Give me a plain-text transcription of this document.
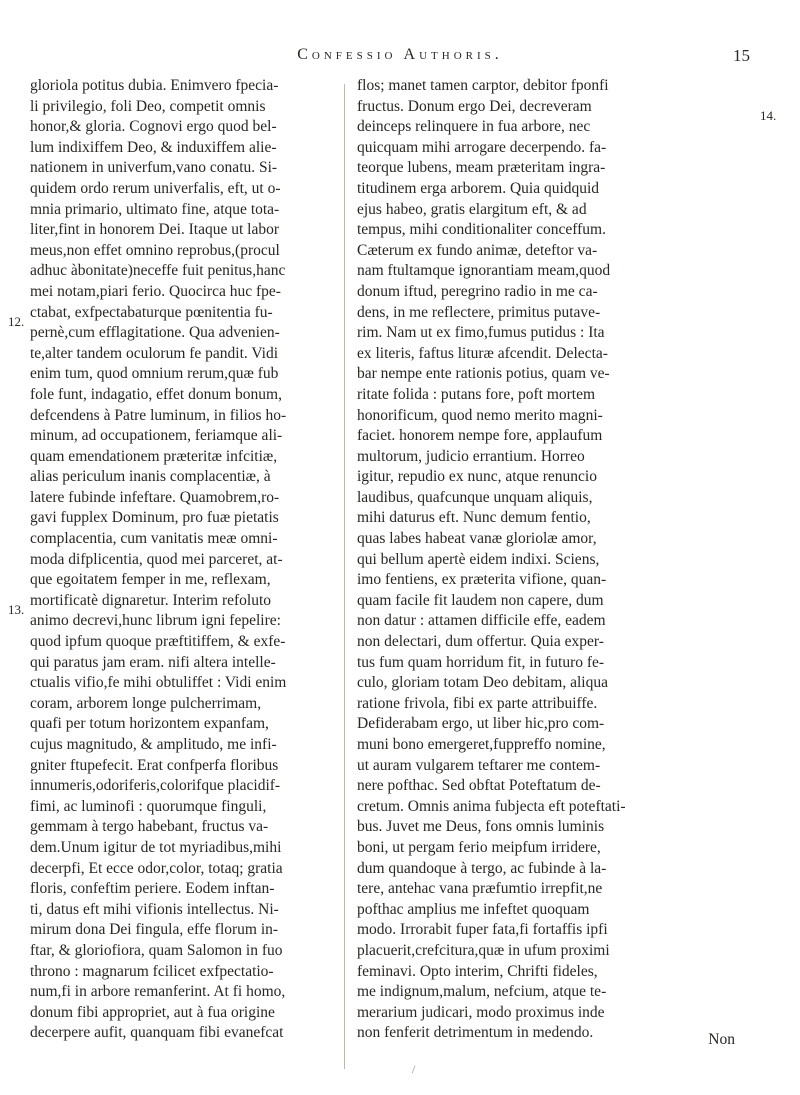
Confessio Authoris.	15
gloriola potitus dubia. Enimvero fpecia-
li privilegio, foli Deo, competit omnis
honor,& gloria. Cognovi ergo quod bel-
lum indixiffem Deo, & induxiffem alie-
nationem in univerfum,vano conatu. Si-
quidem ordo rerum univerfalis, eft, ut o-
mnia primario, ultimato fine, atque tota-
liter,fint in honorem Dei. Itaque ut labor
meus,non effet omnino reprobus,(procul
adhuc àbonitate)neceffe fuit penitus,hanc
mei notam,piari ferio. Quocirca huc fpe-
ctabat, exfpectabaturque pœnitentia fu-
pernè,cum efflagitatione. Qua advenien-
te,alter tandem oculorum fe pandit. Vidi
enim tum, quod omnium rerum,quæ fub
fole funt, indagatio, effet donum bonum,
defcendens à Patre luminum, in filios ho-
minum, ad occupationem, feriamque ali-
quam emendationem præteritæ infcitiæ,
alias periculum inanis complacentiæ, à
latere fubinde infeftare. Quamobrem,ro-
gavi fupplex Dominum, pro fuæ pietatis
complacentia, cum vanitatis meæ omni-
moda difplicentia, quod mei parceret, at-
que egoitatem femper in me, reflexam,
mortificatè dignaretur. Interim refoluto
animo decrevi,hunc librum igni fepelire:
quod ipfum quoque præftitiffem, & exfe-
qui paratus jam eram. nifi altera intelle-
ctualis vifio,fe mihi obtuliffet : Vidi enim
coram, arborem longe pulcherrimam,
quafi per totum horizontem expanfam,
cujus magnitudo, & amplitudo, me infi-
gniter ftupefecit. Erat confperfa floribus
innumeris,odoriferis,colorifque placidif-
fimi, ac luminofi : quorumque finguli,
gemmam à tergo habebant, fructus va-
dem.Unum igitur de tot myriadibus,mihi
decerpfi, Et ecce odor,color, totaq; gratia
floris, confeftim periere. Eodem inftan-
ti, datus eft mihi vifionis intellectus. Ni-
mirum dona Dei fingula, effe florum in-
ftar, & gloriofiora, quam Salomon in fuo
throno : magnarum fcilicet exfpectatio-
num,fi in arbore remanferint. At fi homo,
donum fibi appropriet, aut à fua origine
decerpere aufit, quanquam fibi evanefcat
flos; manet tamen carptor, debitor fponfi
fructus. Donum ergo Dei, decreveram
deinceps relinquere in fua arbore, nec
quicquam mihi arrogare decerpendo. fa-
teorque lubens, meam præteritam ingra-
titudinem erga arborem. Quia quidquid
ejus habeo, gratis elargitum eft, & ad
tempus, mihi conditionaliter conceffum.
Cæterum ex fundo animæ, deteftor va-
nam ftultamque ignorantiam meam,quod
donum iftud, peregrino radio in me ca-
dens, in me reflectere, primitus putave-
rim. Nam ut ex fimo,fumus putidus : Ita
ex literis, faftus lituræ afcendit. Delecta-
bar nempe ente rationis potius, quam ve-
ritate folida : putans fore, poft mortem
honorificum, quod nemo merito magni-
faciet. honorem nempe fore, applaufum
multorum, judicio errantium. Horreo
igitur, repudio ex nunc, atque renuncio
laudibus, quafcunque unquam aliquis,
mihi daturus eft. Nunc demum fentio,
quas labes habeat vanæ gloriolæ amor,
qui bellum apertè eidem indixi. Sciens,
imo fentiens, ex præterita vifione, quan-
quam facile fit laudem non capere, dum
non datur : attamen difficile effe, eadem
non delectari, dum offertur. Quia exper-
tus fum quam horridum fit, in futuro fe-
culo, gloriam totam Deo debitam, aliqua
ratione frivola, fibi ex parte attribuiffe.
Defiderabam ergo, ut liber hic,pro com-
muni bono emergeret,fuppreffo nomine,
ut auram vulgarem teftarer me contem-
nere pofthac. Sed obftat Poteftatum de-
cretum. Omnis anima fubjecta eft poteftati-
bus. Juvet me Deus, fons omnis luminis
boni, ut pergam ferio meipfum irridere,
dum quandoque à tergo, ac fubinde à la-
tere, antehac vana præfumtio irrepfit,ne
pofthac amplius me infeftet quoquam
modo. Irrorabit fuper fata,fi fortaffis ipfi
placuerit,crefcitura,quæ in ufum proximi
feminavi. Opto interim, Chrifti fideles,
me indignum,malum, nefcium, atque te-
merarium judicari, modo proximus inde
non fenferit detrimentum in medendo.
12.
13.
14.
Non
/
